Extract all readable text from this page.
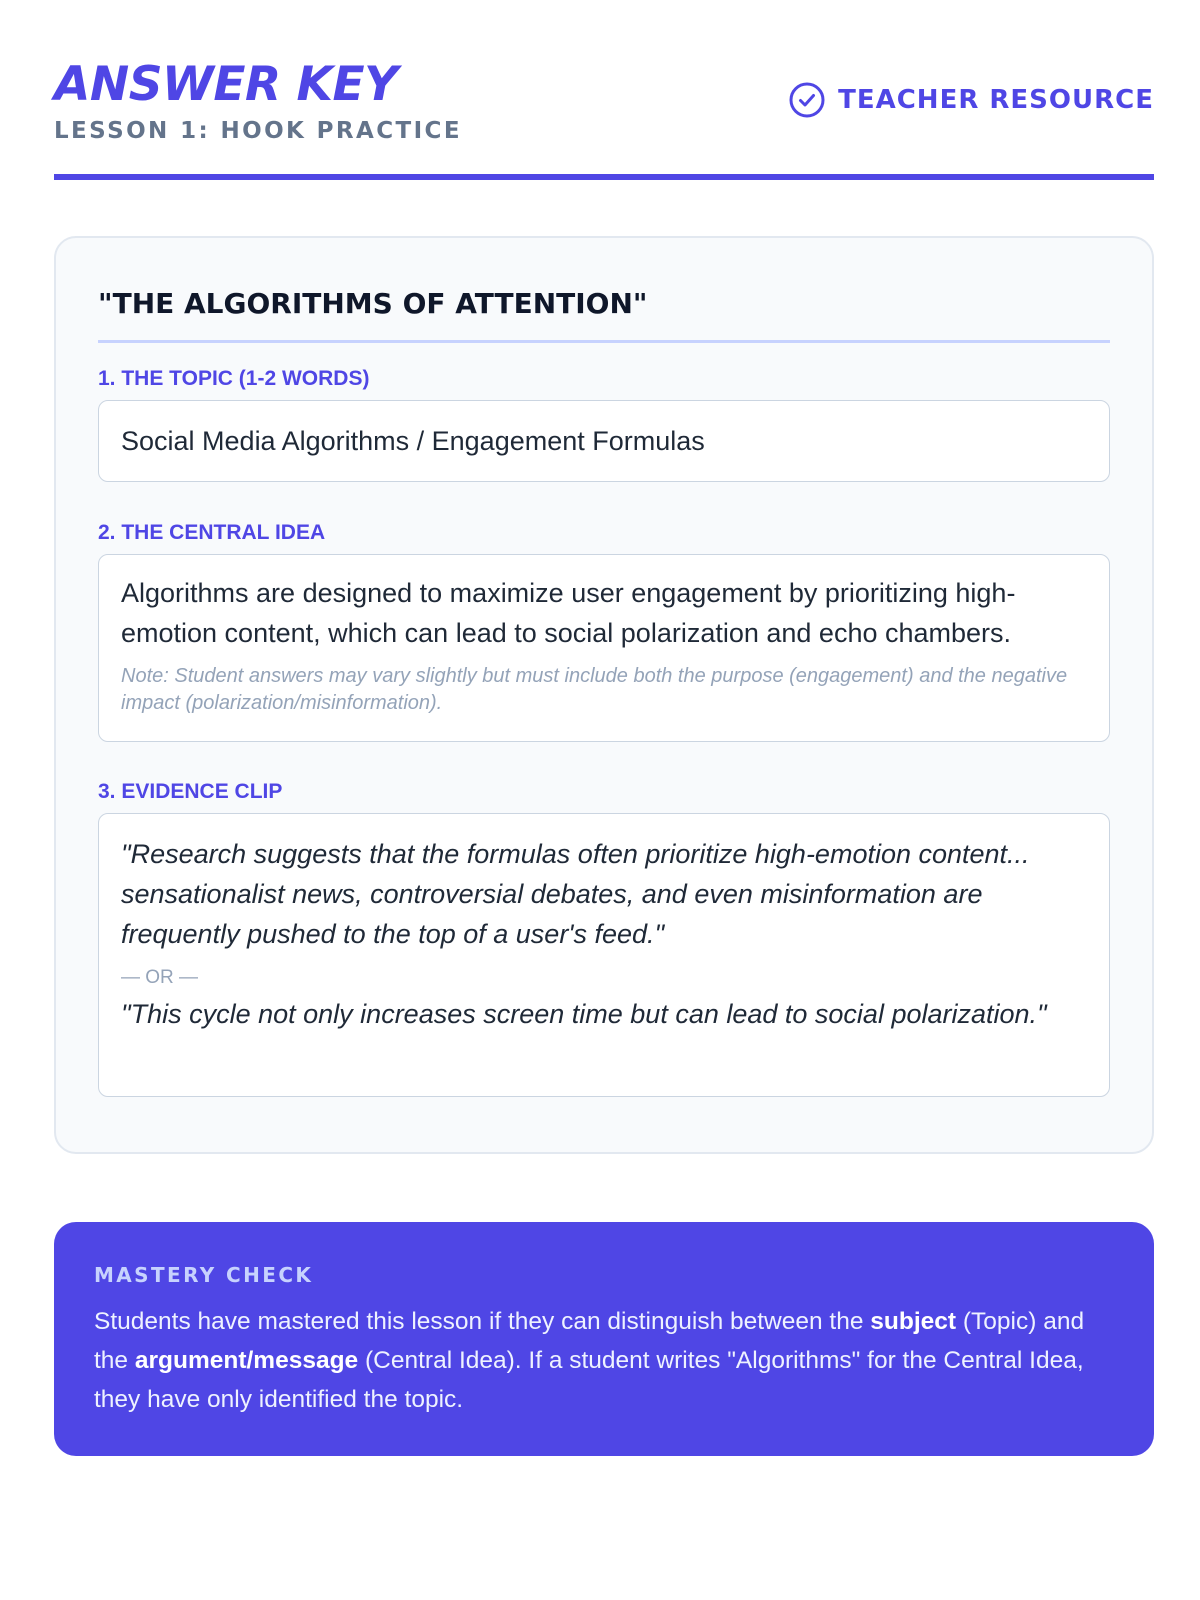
ANSWER KEY
LESSON 1: HOOK PRACTICE
TEACHER RESOURCE
"THE ALGORITHMS OF ATTENTION"
1. THE TOPIC (1-2 WORDS)
Social Media Algorithms / Engagement Formulas
2. THE CENTRAL IDEA
Algorithms are designed to maximize user engagement by prioritizing high-emotion content, which can lead to social polarization and echo chambers.
Note: Student answers may vary slightly but must include both the purpose (engagement) and the negative impact (polarization/misinformation).
3. EVIDENCE CLIP
"Research suggests that the formulas often prioritize high-emotion content... sensationalist news, controversial debates, and even misinformation are frequently pushed to the top of a user's feed."
— OR —
"This cycle not only increases screen time but can lead to social polarization."
MASTERY CHECK
Students have mastered this lesson if they can distinguish between the subject (Topic) and the argument/message (Central Idea). If a student writes "Algorithms" for the Central Idea, they have only identified the topic.
